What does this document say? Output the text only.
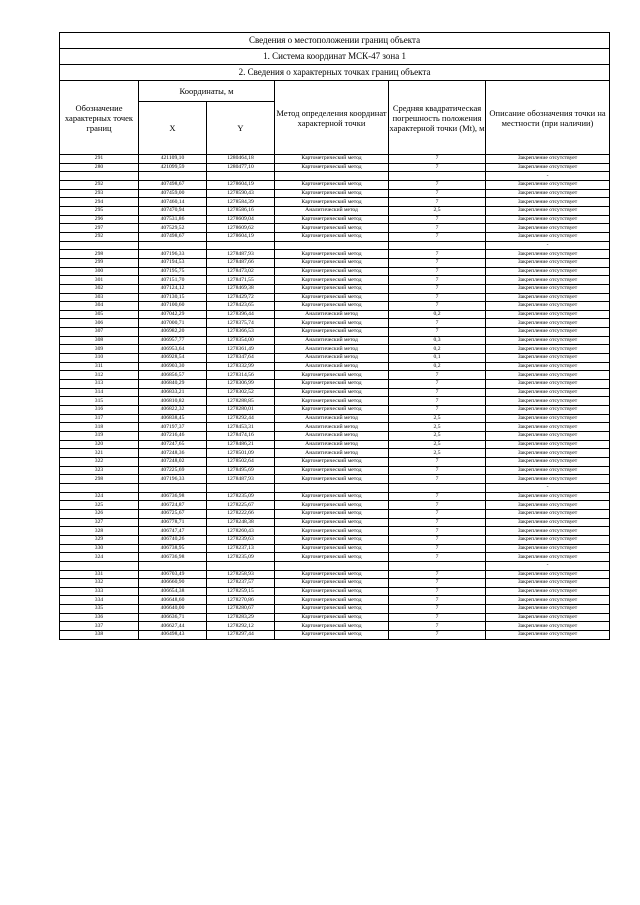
Сведения о местоположении границ объекта					
1. Система координат МСК-47 зона 1					
2. Сведения о характерных точках границ объекта					
Обозначение характерных точек границ	Координаты, м		Метод определения координат характерной точки	Средняя квадратическая погрешность положения характерной точки (Mt), м	Описание обозначения точки на местности (при наличии)
	X	Y			
291	421109,10	1280464,18	Картометрический метод	7	Закрепление отсутствует
280	421099,59	1280477,10	Картометрический метод	7	Закрепление отсутствует
					-
292	407498,67	1278604,19	Картометрический метод	7	Закрепление отсутствует
293	407459,00	1278590,43	Картометрический метод	7	Закрепление отсутствует
294	407460,14	1278584,39	Картометрический метод	7	Закрепление отсутствует
295	407470,94	1278586,16	Аналитический метод	2,5	Закрепление отсутствует
296	407531,86	1278609,04	Картометрический метод	7	Закрепление отсутствует
297	407529,52	1278609,62	Картометрический метод	7	Закрепление отсутствует
292	407498,67	1278604,19	Картометрический метод	7	Закрепление отсутствует
					-
298	407196,33	1278487,93	Картометрический метод	7	Закрепление отсутствует
299	407194,53	1278487,66	Картометрический метод	7	Закрепление отсутствует
300	407195,75	1278473,02	Картометрический метод	7	Закрепление отсутствует
301	407151,70	1278471,55	Картометрический метод	7	Закрепление отсутствует
302	407124,12	1278469,38	Картометрический метод	7	Закрепление отсутствует
303	407130,15	1278429,72	Картометрический метод	7	Закрепление отсутствует
304	407100,60	1278423,65	Картометрический метод	7	Закрепление отсутствует
305	407042,29	1278396,44	Аналитический метод	0,2	Закрепление отсутствует
306	407000,71	1278375,74	Картометрический метод	7	Закрепление отсутствует
307	406982,20	1278366,53	Картометрический метод	7	Закрепление отсутствует
308	406957,77	1278354,00	Аналитический метод	0,3	Закрепление отсутствует
309	406953,64	1278361,49	Аналитический метод	0,2	Закрепление отсутствует
310	406928,54	1278347,64	Аналитический метод	0,1	Закрепление отсутствует
311	406903,30	1278332,99	Аналитический метод	0,2	Закрепление отсутствует
312	406856,57	1278314,56	Картометрический метод	7	Закрепление отсутствует
313	406840,29	1278306,99	Картометрический метод	7	Закрепление отсутствует
314	406833,21	1278302,52	Картометрический метод	7	Закрепление отсутствует
315	406810,82	1278288,85	Картометрический метод	7	Закрепление отсутствует
316	406822,32	1278280,01	Картометрический метод	7	Закрепление отсутствует
317	406838,45	1278292,44	Аналитический метод	2,5	Закрепление отсутствует
318	407197,37	1278453,31	Аналитический метод	2,5	Закрепление отсутствует
319	407216,46	1278474,16	Аналитический метод	2,5	Закрепление отсутствует
320	407247,65	1278486,21	Аналитический метод	2,5	Закрепление отсутствует
321	407248,36	1278501,09	Аналитический метод	2,5	Закрепление отсутствует
322	407248,02	1278502,64	Картометрический метод	7	Закрепление отсутствует
323	407225,69	1278495,69	Картометрический метод	7	Закрепление отсутствует
298	407196,33	1278487,93	Картометрический метод	7	Закрепление отсутствует
					-
324	406736,98	1278235,09	Картометрический метод	7	Закрепление отсутствует
325	406724,87	1278225,67	Картометрический метод	7	Закрепление отсутствует
326	406725,67	1278222,66	Картометрический метод	7	Закрепление отсутствует
327	406778,71	1278248,38	Картометрический метод	7	Закрепление отсутствует
328	406747,47	1278260,43	Картометрический метод	7	Закрепление отсутствует
329	406740,26	1278239,63	Картометрический метод	7	Закрепление отсутствует
330	406738,95	1278237,13	Картометрический метод	7	Закрепление отсутствует
324	406736,98	1278235,09	Картометрический метод	7	Закрепление отсутствует
					-
331	406703,49	1278258,93	Картометрический метод	7	Закрепление отсутствует
332	406660,90	1278237,57	Картометрический метод	7	Закрепление отсутствует
333	406654,38	1278259,15	Картометрический метод	7	Закрепление отсутствует
334	406648,60	1278270,86	Картометрический метод	7	Закрепление отсутствует
335	406640,00	1278280,67	Картометрический метод	7	Закрепление отсутствует
336	406636,71	1278283,29	Картометрический метод	7	Закрепление отсутствует
337	406627,44	1278292,12	Картометрический метод	7	Закрепление отсутствует
338	406498,43	1278297,44	Картометрический метод	7	Закрепление отсутствует
